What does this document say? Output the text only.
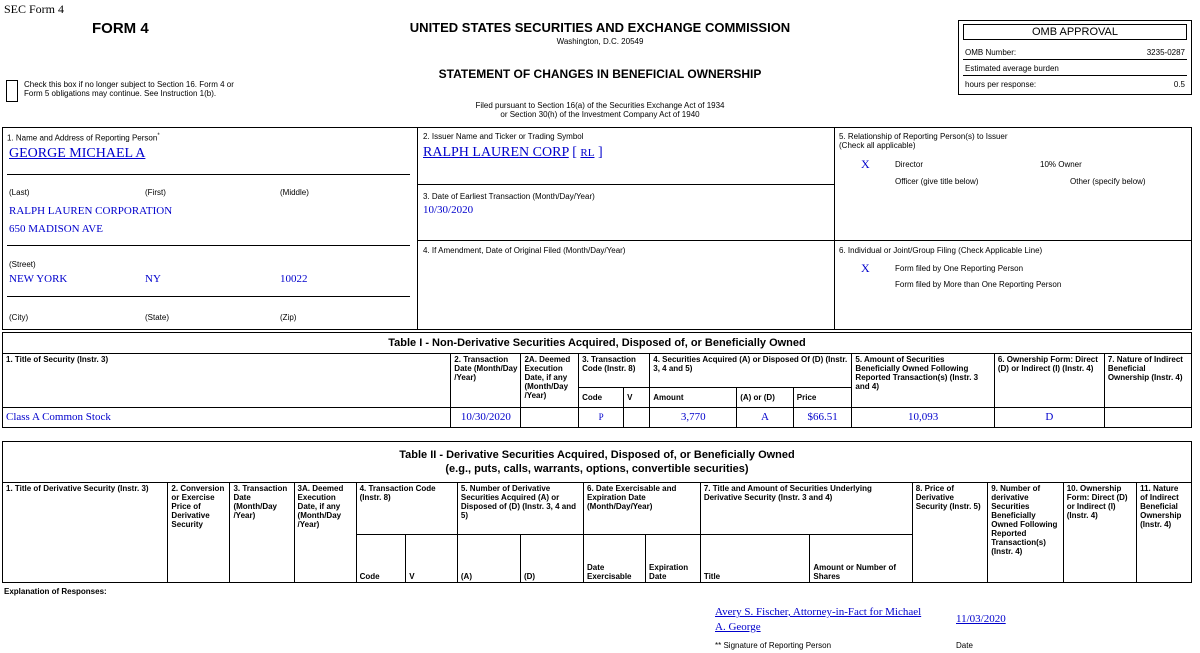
SEC Form 4
FORM 4
Check this box if no longer subject to Section 16. Form 4 or Form 5 obligations may continue. See Instruction 1(b).
UNITED STATES SECURITIES AND EXCHANGE COMMISSION
Washington, D.C. 20549
STATEMENT OF CHANGES IN BENEFICIAL OWNERSHIP
Filed pursuant to Section 16(a) of the Securities Exchange Act of 1934
or Section 30(h) of the Investment Company Act of 1940
OMB APPROVAL
OMB Number:	3235-0287
Estimated average burden
hours per response:	0.5
1. Name and Address of Reporting Person*
GEORGE MICHAEL A
(Last)	(First)	(Middle)
RALPH LAUREN CORPORATION
650 MADISON AVE
(Street)
NEW YORK	NY	10022
(City)	(State)	(Zip)
2. Issuer Name and Ticker or Trading Symbol
RALPH LAUREN CORP [ RL ]
3. Date of Earliest Transaction (Month/Day/Year)
10/30/2020
4. If Amendment, Date of Original Filed (Month/Day/Year)
5. Relationship of Reporting Person(s) to Issuer
(Check all applicable)
X	Director	10% Owner
Officer (give title below)	Other (specify below)
6. Individual or Joint/Group Filing (Check Applicable Line)
X	Form filed by One Reporting Person
Form filed by More than One Reporting Person
Table I - Non-Derivative Securities Acquired, Disposed of, or Beneficially Owned										
1. Title of Security (Instr. 3)	2. Transaction Date (Month/Day /Year)	2A. Deemed Execution Date, if any (Month/Day /Year)	3. Transaction Code (Instr. 8)		4. Securities Acquired (A) or Disposed Of (D) (Instr. 3, 4 and 5)			5. Amount of Securities Beneficially Owned Following Reported Transaction(s) (Instr. 3 and 4)	6. Ownership Form: Direct (D) or Indirect (I) (Instr. 4)	7. Nature of Indirect Beneficial Ownership (Instr. 4)
			Code	V	Amount	(A) or (D)	Price			
Class A Common Stock	10/30/2020		P		3,770	A	$66.51	10,093	D	
Table II - Derivative Securities Acquired, Disposed of, or Beneficially Owned
(e.g., puts, calls, warrants, options, convertible securities)															

1. Title of Derivative Security (Instr. 3)	2. Conversion or Exercise Price of Derivative Security	3. Transaction Date (Month/Day /Year)	3A. Deemed Execution Date, if any (Month/Day /Year)	4. Transaction Code (Instr. 8)		5. Number of Derivative Securities Acquired (A) or Disposed of (D) (Instr. 3, 4 and 5)		6. Date Exercisable and Expiration Date (Month/Day/Year)		7. Title and Amount of Securities Underlying Derivative Security (Instr. 3 and 4)		8. Price of Derivative Security (Instr. 5)	9. Number of derivative Securities Beneficially Owned Following Reported Transaction(s) (Instr. 4)	10. Ownership Form: Direct (D) or Indirect (I) (Instr. 4)	11. Nature of Indirect Beneficial Ownership (Instr. 4)
				Code	V	(A)	(D)	Date Exercisable	Expiration Date	Title	Amount or Number of Shares				
Explanation of Responses:
Avery S. Fischer, Attorney-in-Fact for Michael
A. George
11/03/2020
** Signature of Reporting Person	Date
